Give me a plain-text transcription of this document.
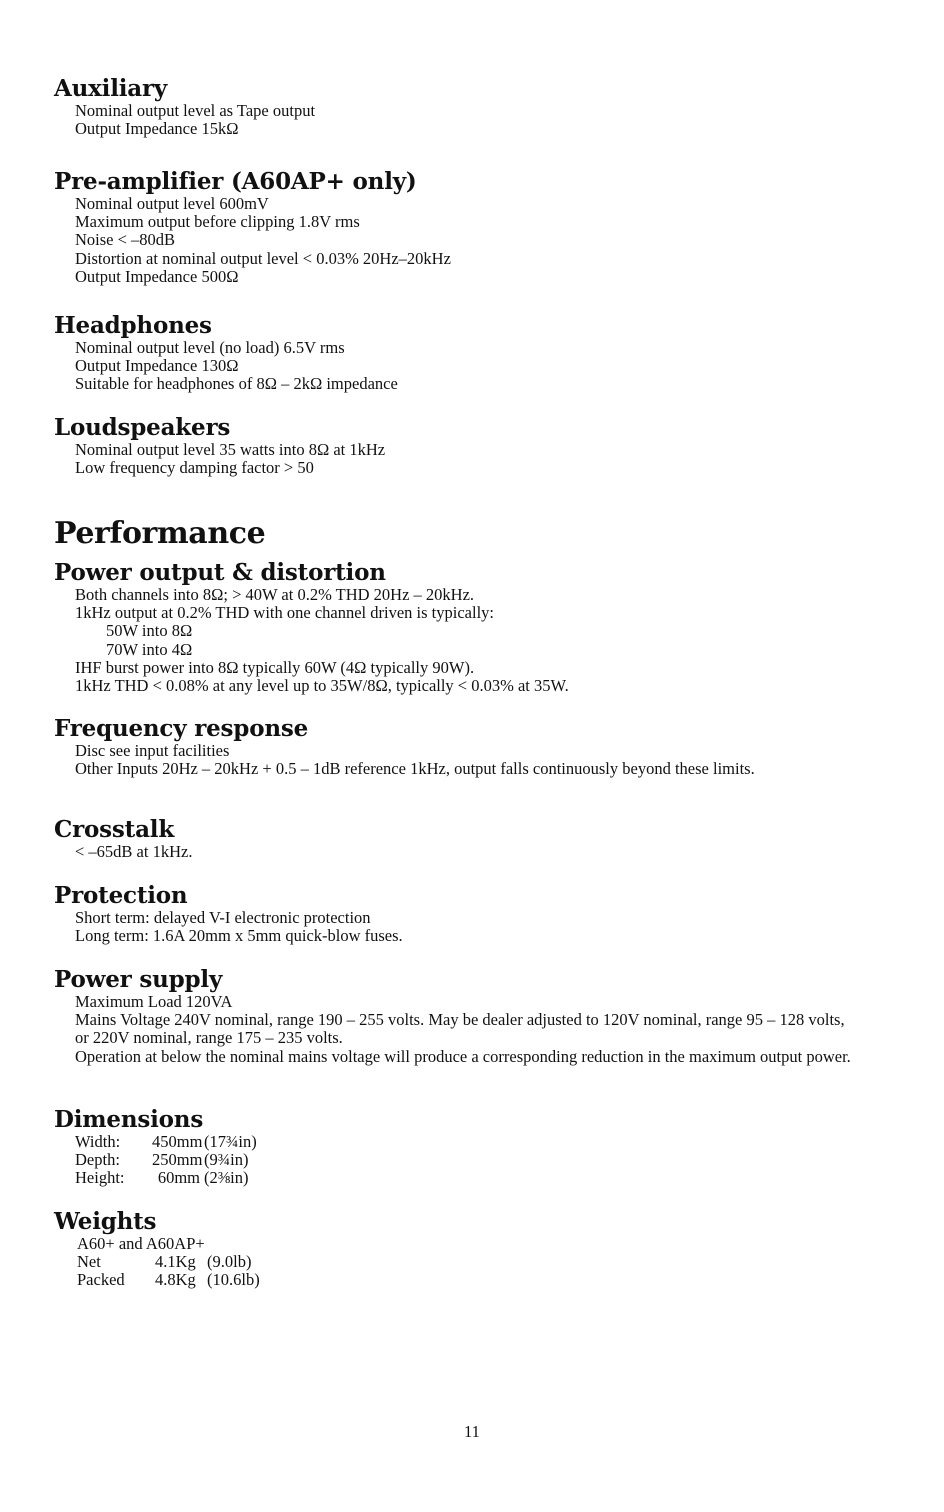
Auxiliary
Nominal output level as Tape output
Output Impedance 15kΩ
Pre-amplifier (A60AP+ only)
Nominal output level 600mV
Maximum output before clipping 1.8V rms
Noise < –80dB
Distortion at nominal output level < 0.03% 20Hz–20kHz
Output Impedance 500Ω
Headphones
Nominal output level (no load) 6.5V rms
Output Impedance 130Ω
Suitable for headphones of 8Ω – 2kΩ impedance
Loudspeakers
Nominal output level 35 watts into 8Ω at 1kHz
Low frequency damping factor > 50
Performance
Power output & distortion
Both channels into 8Ω; > 40W at 0.2% THD 20Hz – 20kHz.
1kHz output at 0.2% THD with one channel driven is typically:
50W into 8Ω
70W into 4Ω
IHF burst power into 8Ω typically 60W (4Ω typically 90W).
1kHz THD < 0.08% at any level up to 35W/8Ω, typically < 0.03% at 35W.
Frequency response
Disc see input facilities
Other Inputs 20Hz – 20kHz + 0.5 – 1dB reference 1kHz, output falls continuously beyond these limits.
Crosstalk
< –65dB at 1kHz.
Protection
Short term: delayed V-I electronic protection
Long term: 1.6A 20mm x 5mm quick-blow fuses.
Power supply
Maximum Load 120VA
Mains Voltage 240V nominal, range 190 – 255 volts. May be dealer adjusted to 120V nominal, range 95 – 128 volts, or 220V nominal, range 175 – 235 volts.
Operation at below the nominal mains voltage will produce a corresponding reduction in the maximum output power.
Dimensions
Width: 450mm(17¾in)
Depth: 250mm(9¾in)
Height: 60mm (2⅜in)
Weights
A60+ and A60AP+
Net	4.1Kg (9.0lb)
Packed 4.8Kg (10.6lb)
11
